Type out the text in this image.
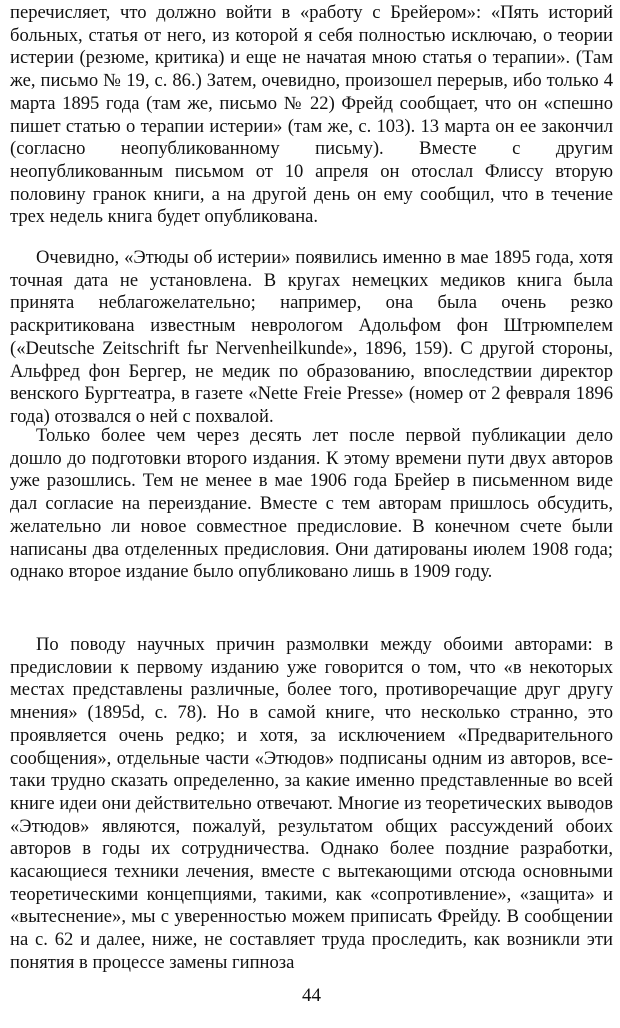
перечисляет, что должно войти в «работу с Брейером»: «Пять историй больных, статья от него, из которой я себя полностью исключаю, о теории истерии (резюме, критика) и еще не начатая мною статья о терапии». (Там же, письмо № 19, с. 86.) Затем, очевидно, произошел перерыв, ибо только 4 марта 1895 года (там же, письмо № 22) Фрейд сообщает, что он «спешно пишет статью о терапии истерии» (там же, с. 103). 13 марта он ее закончил (согласно неопубликованному письму). Вместе с другим неопубликованным письмом от 10 апреля он отослал Флиссу вторую половину гранок книги, а на другой день он ему сообщил, что в течение трех недель книга будет опубликована.

Очевидно, «Этюды об истерии» появились именно в мае 1895 года, хотя точная дата не установлена. В кругах немецких медиков книга была принята неблагожелательно; например, она была очень резко раскритикована известным неврологом Адольфом фон Штрюмпелем («Deutsche Zeitschrift fьr Nervenheilkunde», 1896, 159). С другой стороны, Альфред фон Бергер, не медик по образованию, впоследствии директор венского Бургтеатра, в газете «Nette Freie Presse» (номер от 2 февраля 1896 года) отозвался о ней с похвалой.

Только более чем через десять лет после первой публикации дело дошло до подготовки второго издания. К этому времени пути двух авторов уже разошлись. Тем не менее в мае 1906 года Брейер в письменном виде дал согласие на переиздание. Вместе с тем авторам пришлось обсудить, желательно ли новое совместное предисловие. В конечном счете были написаны два отделенных предисловия. Они датированы июлем 1908 года; однако второе издание было опубликовано лишь в 1909 году.

По поводу научных причин размолвки между обоими авторами: в предисловии к первому изданию уже говорится о том, что «в некоторых местах представлены различные, более того, противоречащие друг другу мнения» (1895d, с. 78). Но в самой книге, что несколько странно, это проявляется очень редко; и хотя, за исключением «Предварительного сообщения», отдельные части «Этюдов» подписаны одним из авторов, все-таки трудно сказать определенно, за какие именно представленные во всей книге идеи они действительно отвечают. Многие из теоретических выводов «Этюдов» являются, пожалуй, результатом общих рассуждений обоих авторов в годы их сотрудничества. Однако более поздние разработки, касающиеся техники лечения, вместе с вытекающими отсюда основными теоретическими концепциями, такими, как «сопротивление», «защита» и «вытеснение», мы с уверенностью можем приписать Фрейду. В сообщении на с. 62 и далее, ниже, не составляет труда проследить, как возникли эти понятия в процессе замены гипноза

44
